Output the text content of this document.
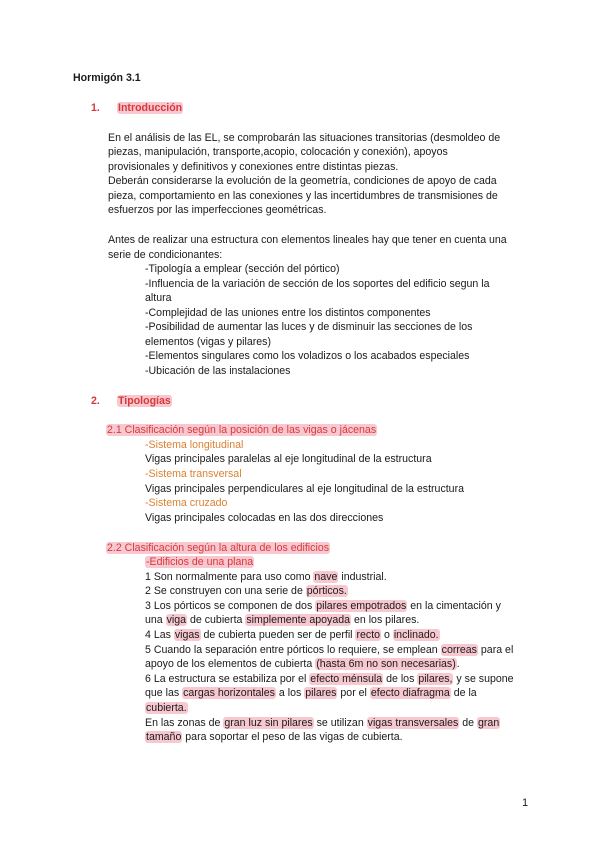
Hormigón 3.1
1. Introducción
En el análisis de las EL, se comprobarán las situaciones transitorias (desmoldeo de
piezas, manipulación, transporte,acopio, colocación y conexión), apoyos
provisionales y definitivos y conexiones entre distintas piezas.
Deberán considerarse la evolución de la geometría, condiciones de apoyo de cada
pieza, comportamiento en las conexiones y las incertidumbres de transmisiones de
esfuerzos por las imperfecciones geométricas.
Antes de realizar una estructura con elementos lineales hay que tener en cuenta una
serie de condicionantes:
-Tipología a emplear (sección del pórtico)
-Influencia de la variación de sección de los soportes del edificio segun la
altura
-Complejidad de las uniones entre los distintos componentes
-Posibilidad de aumentar las luces y de disminuir las secciones de los
elementos (vigas y pilares)
-Elementos singulares como los voladizos o los acabados especiales
-Ubicación de las instalaciones
2. Tipologías
2.1 Clasificación según la posición de las vigas o jácenas
-Sistema longitudinal
Vigas principales paralelas al eje longitudinal de la estructura
-Sistema transversal
Vigas principales perpendiculares al eje longitudinal de la estructura
-Sistema cruzado
Vigas principales colocadas en las dos direcciones
2.2 Clasificación según la altura de los edificios
-Edificios de una plana
1 Son normalmente para uso como nave industrial.
2 Se construyen con una serie de pórticos.
3 Los pórticos se componen de dos pilares empotrados en la cimentación y
una viga de cubierta simplemente apoyada en los pilares.
4 Las vigas de cubierta pueden ser de perfil recto o inclinado.
5 Cuando la separación entre pórticos lo requiere, se emplean correas para el
apoyo de los elementos de cubierta (hasta 6m no son necesarias).
6 La estructura se estabiliza por el efecto ménsula de los pilares, y se supone
que las cargas horizontales a los pilares por el efecto diafragma de la
cubierta.
En las zonas de gran luz sin pilares se utilizan vigas transversales de gran
tamaño para soportar el peso de las vigas de cubierta.
1
